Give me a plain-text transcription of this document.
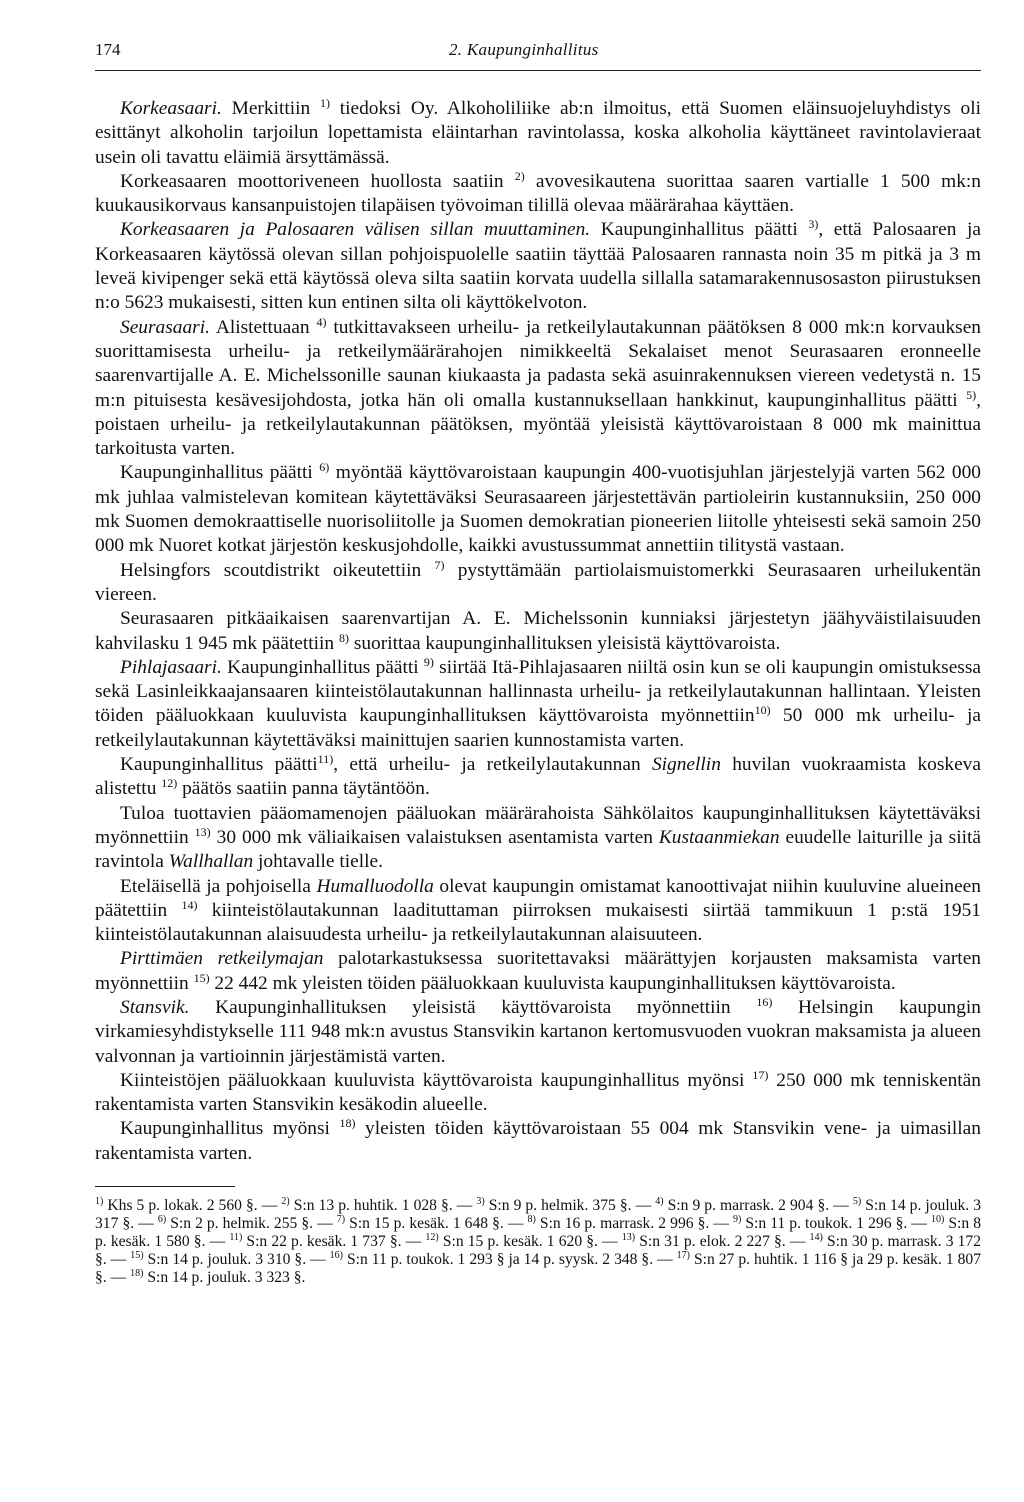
174	2. Kaupunginhallitus

Korkeasaari. Merkittiin $^{1)}$ tiedoksi Oy. Alkoholiliike ab:n ilmoitus, että Suomen eläinsuojeluyhdistys oli esittänyt alkoholin tarjoilun lopettamista eläintarhan ravintolassa, koska alkoholia käyttäneet ravintolavieraat usein oli tavattu eläimiä ärsyttämässä.

Korkeasaaren moottoriveneen huollosta saatiin $^{2)}$ avovesikautena suorittaa saaren vartialle 1 500 mk:n kuukausikorvaus kansanpuistojen tilapäisen työvoiman tilillä olevaa määrärahaa käyttäen.

Korkeasaaren ja Palosaaren välisen sillan muuttaminen. Kaupunginhallitus päätti $^{3)}$, että Palosaaren ja Korkeasaaren käytössä olevan sillan pohjoispuolelle saatiin täyttää Palosaaren rannasta noin 35 m pitkä ja 3 m leveä kivipenger sekä että käytössä oleva silta saatiin korvata uudella sillalla satamarakennusosaston piirustuksen n:o 5623 mukaisesti, sitten kun entinen silta oli käyttökelvoton.

Seurasaari. Alistettuaan $^{4)}$ tutkittavakseen urheilu- ja retkeilylautakunnan päätöksen 8 000 mk:n korvauksen suorittamisesta urheilu- ja retkeilymäärärahojen nimikkeeltä Sekalaiset menot Seurasaaren eronneelle saarenvartijalle A. E. Michelssonille saunan kiukaasta ja padasta sekä asuinrakennuksen viereen vedetystä n. 15 m:n pituisesta kesävesijohdosta, jotka hän oli omalla kustannuksellaan hankkinut, kaupunginhallitus päätti $^{5)}$, poistaen urheilu- ja retkeilylautakunnan päätöksen, myöntää yleisistä käyttövaroistaan 8 000 mk mainittua tarkoitusta varten.

Kaupunginhallitus päätti $^{6)}$ myöntää käyttövaroistaan kaupungin 400-vuotisjuhlan järjestelyjä varten 562 000 mk juhlaa valmistelevan komitean käytettäväksi Seurasaareen järjestettävän partioleirin kustannuksiin, 250 000 mk Suomen demokraattiselle nuorisoliitolle ja Suomen demokratian pioneerien liitolle yhteisesti sekä samoin 250 000 mk Nuoret kotkat järjestön keskusjohdolle, kaikki avustussummat annettiin tilitystä vastaan.

Helsingfors scoutdistrikt oikeutettiin $^{7)}$ pystyttämään partiolaismuistomerkki Seurasaaren urheilukentän viereen.

Seurasaaren pitkäaikaisen saarenvartijan A. E. Michelssonin kunniaksi järjestetyn jäähyväistilaisuuden kahvilasku 1 945 mk päätettiin $^{8)}$ suorittaa kaupunginhallituksen yleisistä käyttövaroista.

Pihlajasaari. Kaupunginhallitus päätti $^{9)}$ siirtää Itä-Pihlajasaaren niiltä osin kun se oli kaupungin omistuksessa sekä Lasinleikkaajansaaren kiinteistölautakunnan hallinnasta urheilu- ja retkeilylautakunnan hallintaan. Yleisten töiden pääluokkaan kuuluvista kaupunginhallituksen käyttövaroista myönnettiin$^{10)}$ 50 000 mk urheilu- ja retkeilylautakunnan käytettäväksi mainittujen saarien kunnostamista varten.

Kaupunginhallitus päätti$^{11)}$, että urheilu- ja retkeilylautakunnan Signellin huvilan vuokraamista koskeva alistettu $^{12)}$ päätös saatiin panna täytäntöön.

Tuloa tuottavien pääomamenojen pääluokan määrärahoista Sähkölaitos kaupunginhallituksen käytettäväksi myönnettiin $^{13)}$ 30 000 mk väliaikaisen valaistuksen asentamista varten Kustaanmiekan euudelle laiturille ja siitä ravintola Wallhallan johtavalle tielle.

Eteläisellä ja pohjoisella Humalluodolla olevat kaupungin omistamat kanoottivajat niihin kuuluvine alueineen päätettiin $^{14)}$ kiinteistölautakunnan laadituttaman piirroksen mukaisesti siirtää tammikuun 1 p:stä 1951 kiinteistölautakunnan alaisuudesta urheilu- ja retkeilylautakunnan alaisuuteen.

Pirttimäen retkeilymajan palotarkastuksessa suoritettavaksi määrättyjen korjausten maksamista varten myönnettiin $^{15)}$ 22 442 mk yleisten töiden pääluokkaan kuuluvista kaupunginhallituksen käyttövaroista.

Stansvik. Kaupunginhallituksen yleisistä käyttövaroista myönnettiin $^{16)}$ Helsingin kaupungin virkamiesyhdistykselle 111 948 mk:n avustus Stansvikin kartanon kertomusvuoden vuokran maksamista ja alueen valvonnan ja vartioinnin järjestämistä varten.

Kiinteistöjen pääluokkaan kuuluvista käyttövaroista kaupunginhallitus myönsi $^{17)}$ 250 000 mk tenniskentän rakentamista varten Stansvikin kesäkodin alueelle.

Kaupunginhallitus myönsi $^{18)}$ yleisten töiden käyttövaroistaan 55 004 mk Stansvikin vene- ja uimasillan rakentamista varten.

$^{1)}$ Khs 5 p. lokak. 2 560 §. — $^{2)}$ S:n 13 p. huhtik. 1 028 §. — $^{3)}$ S:n 9 p. helmik. 375 §. — $^{4)}$ S:n 9 p. marrask. 2 904 §. — $^{5)}$ S:n 14 p. jouluk. 3 317 §. — $^{6)}$ S:n 2 p. helmik. 255 §. — $^{7)}$ S:n 15 p. kesäk. 1 648 §. — $^{8)}$ S:n 16 p. marrask. 2 996 §. — $^{9)}$ S:n 11 p. toukok. 1 296 §. — $^{10)}$ S:n 8 p. kesäk. 1 580 §. — $^{11)}$ S:n 22 p. kesäk. 1 737 §. — $^{12)}$ S:n 15 p. kesäk. 1 620 §. — $^{13)}$ S:n 31 p. elok. 2 227 §. — $^{14)}$ S:n 30 p. marrask. 3 172 §. — $^{15)}$ S:n 14 p. jouluk. 3 310 §. — $^{16)}$ S:n 11 p. toukok. 1 293 § ja 14 p. syysk. 2 348 §. — $^{17)}$ S:n 27 p. huhtik. 1 116 § ja 29 p. kesäk. 1 807 §. — $^{18)}$ S:n 14 p. jouluk. 3 323 §.
